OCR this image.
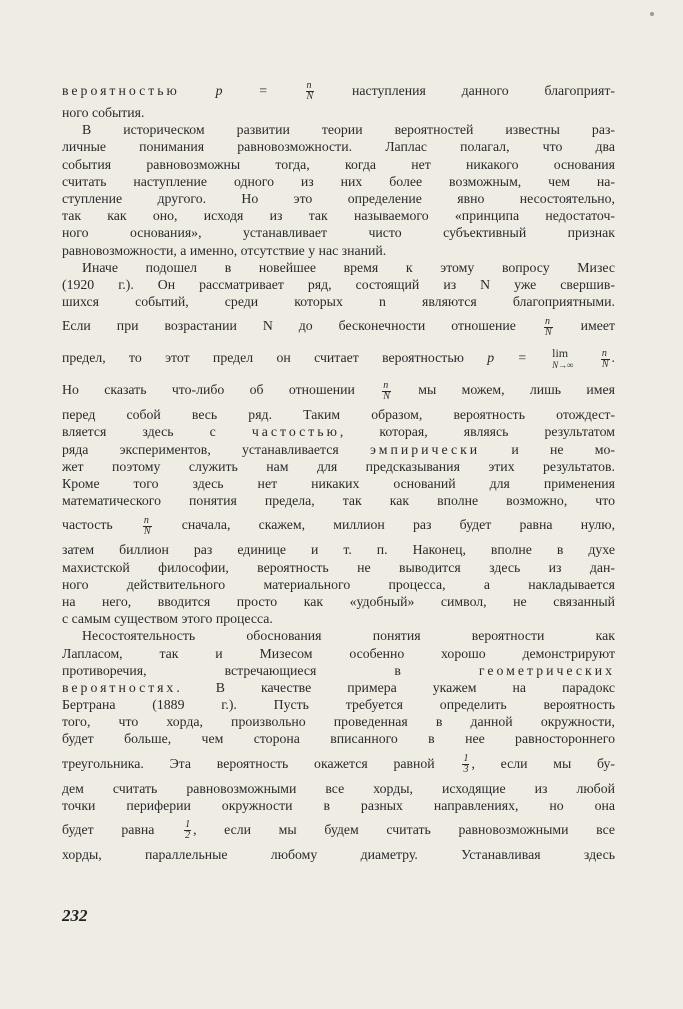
вероятностью	p =	$\frac{n}{N}$	наступления данного благоприят-
ного события.
В историческом развитии теории вероятностей известны раз-
личные понимания равновозможности. Лаплас полагал, что два
события равновозможны тогда, когда нет никакого основания
считать наступление одного из них более возможным, чем на-
ступление другого. Но это определение явно несостоятельно,
так как оно, исходя из так называемого «принципа недостаточ-
ного основания», устанавливает чисто субъективный признак
равновозможности, а именно, отсутствие у нас знаний.
Иначе подошел в новейшее время к этому вопросу Мизес
(1920 г.). Он рассматривает ряд, состоящий из N уже свершив-
шихся событий, среди которых n являются благоприятными.
Если при возрастании N до бесконечности отношение	$\frac{n}{N}$ имеет
предел, то этот предел он считает вероятностью p = lim
N→∞
	$\frac{n}{N}$ .
Но сказать что-либо об отношении	$\frac{n}{N}$ мы можем, лишь имея
перед собой весь ряд. Таким образом, вероятность отождест-
вляется здесь с частостью, которая, являясь результатом
ряда экспериментов, устанавливается эмпирически и не мо-
жет поэтому служить нам для предсказывания этих результатов.
Кроме того здесь нет никаких оснований для применения
математического понятия предела, так как вполне возможно, что
частость	$\frac{n}{N}$ сначала, скажем, миллион раз будет равна нулю,
затем биллион раз единице и т. п. Наконец, вполне в духе
махистской философии, вероятность не выводится здесь из дан-
ного действительного материального процесса, а накладывается
на него, вводится просто как «удобный» символ, не связанный
с самым существом этого процесса.
Несостоятельность обоснования понятия вероятности как
Лапласом, так и Мизесом особенно хорошо демонстрируют
противоречия, встречающиеся в геометрических
вероятностях. В качестве примера укажем на парадокс
Бертрана (1889 г.). Пусть требуется определить вероятность
того, что хорда, произвольно проведенная в данной окружности,
будет больше, чем сторона вписанного в нее равностороннего
треугольника. Эта вероятность окажется равной	$\frac{1}{3}$ , если мы бу-
дем считать равновозможными все хорды, исходящие из любой
точки периферии окружности в разных направлениях, но она
будет равна	$\frac{1}{2}$ , если мы будем считать равновозможными все
хорды, параллельные любому диаметру. Устанавливая здесь
232
